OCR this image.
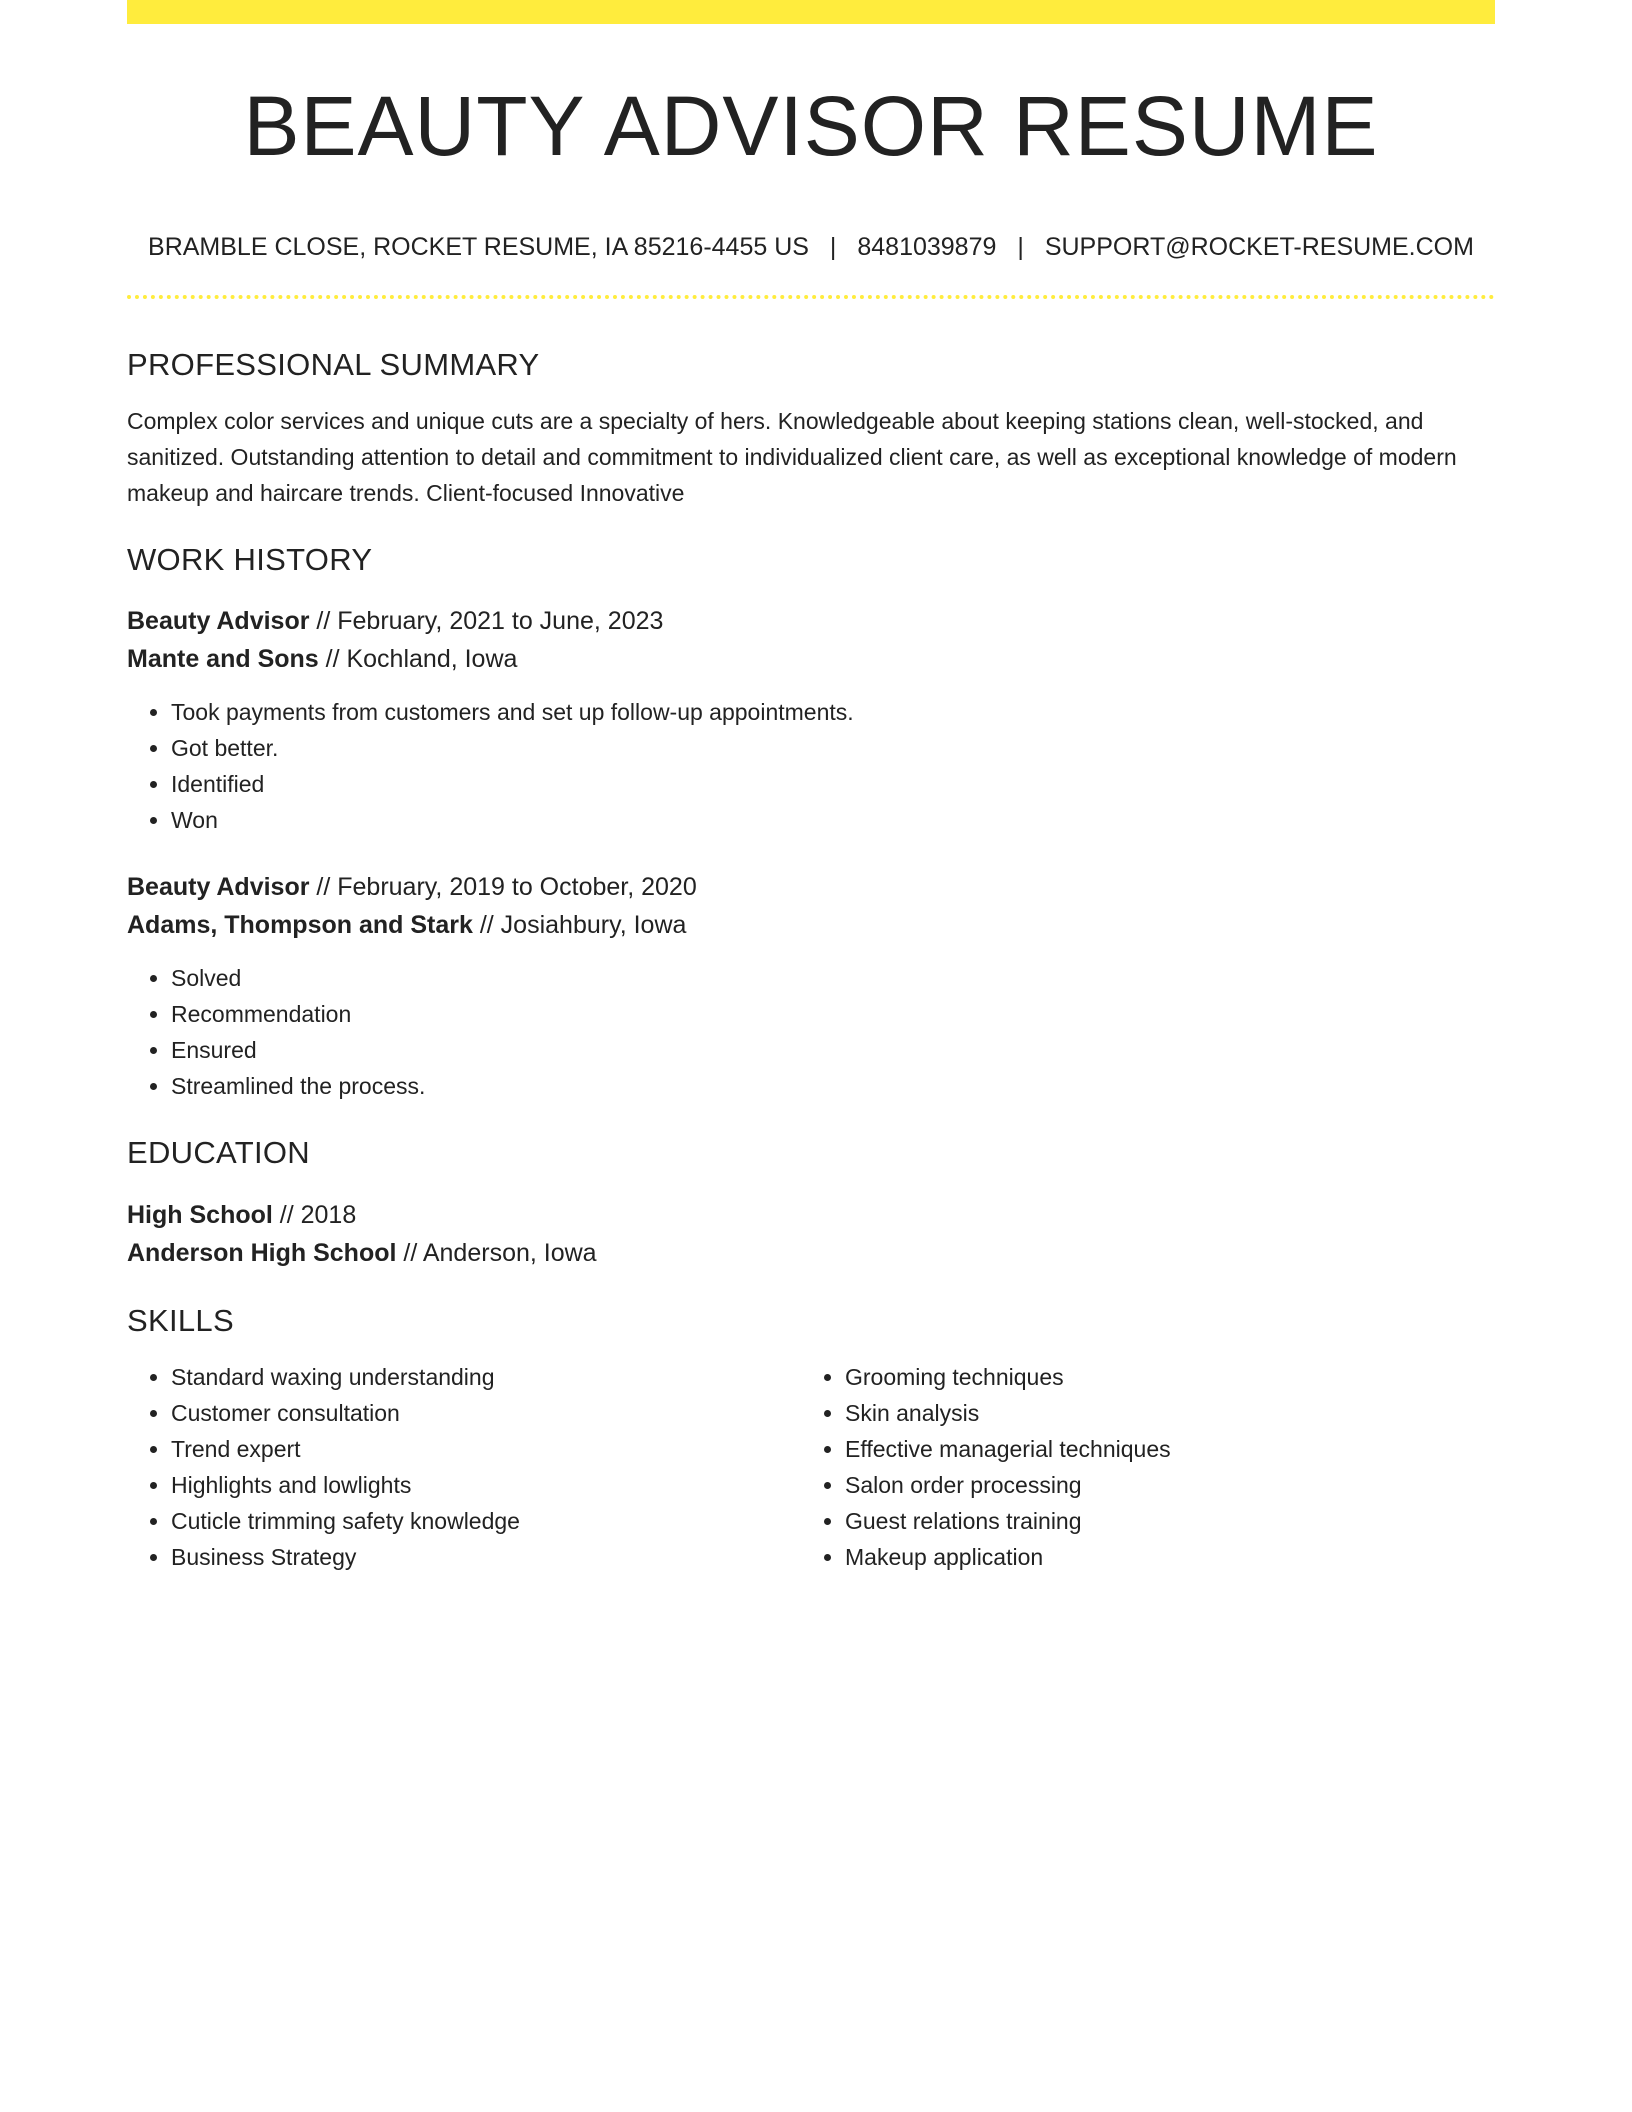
BEAUTY ADVISOR RESUME
BRAMBLE CLOSE, ROCKET RESUME, IA 85216-4455 US | 8481039879 | SUPPORT@ROCKET-RESUME.COM
PROFESSIONAL SUMMARY

Complex color services and unique cuts are a specialty of hers. Knowledgeable about keeping stations clean, well-stocked, and sanitized. Outstanding attention to detail and commitment to individualized client care, as well as exceptional knowledge of modern makeup and haircare trends. Client-focused Innovative

WORK HISTORY
Beauty Advisor // February, 2021 to June, 2023
Mante and Sons // Kochland, Iowa
• Took payments from customers and set up follow-up appointments.
• Got better.
• Identified
• Won
Beauty Advisor // February, 2019 to October, 2020
Adams, Thompson and Stark // Josiahbury, Iowa
• Solved
• Recommendation
• Ensured
• Streamlined the process.
EDUCATION
High School // 2018
Anderson High School // Anderson, Iowa
SKILLS
• Standard waxing understanding
• Customer consultation
• Trend expert
• Highlights and lowlights
• Cuticle trimming safety knowledge
• Business Strategy
• Grooming techniques
• Skin analysis
• Effective managerial techniques
• Salon order processing
• Guest relations training
• Makeup application
